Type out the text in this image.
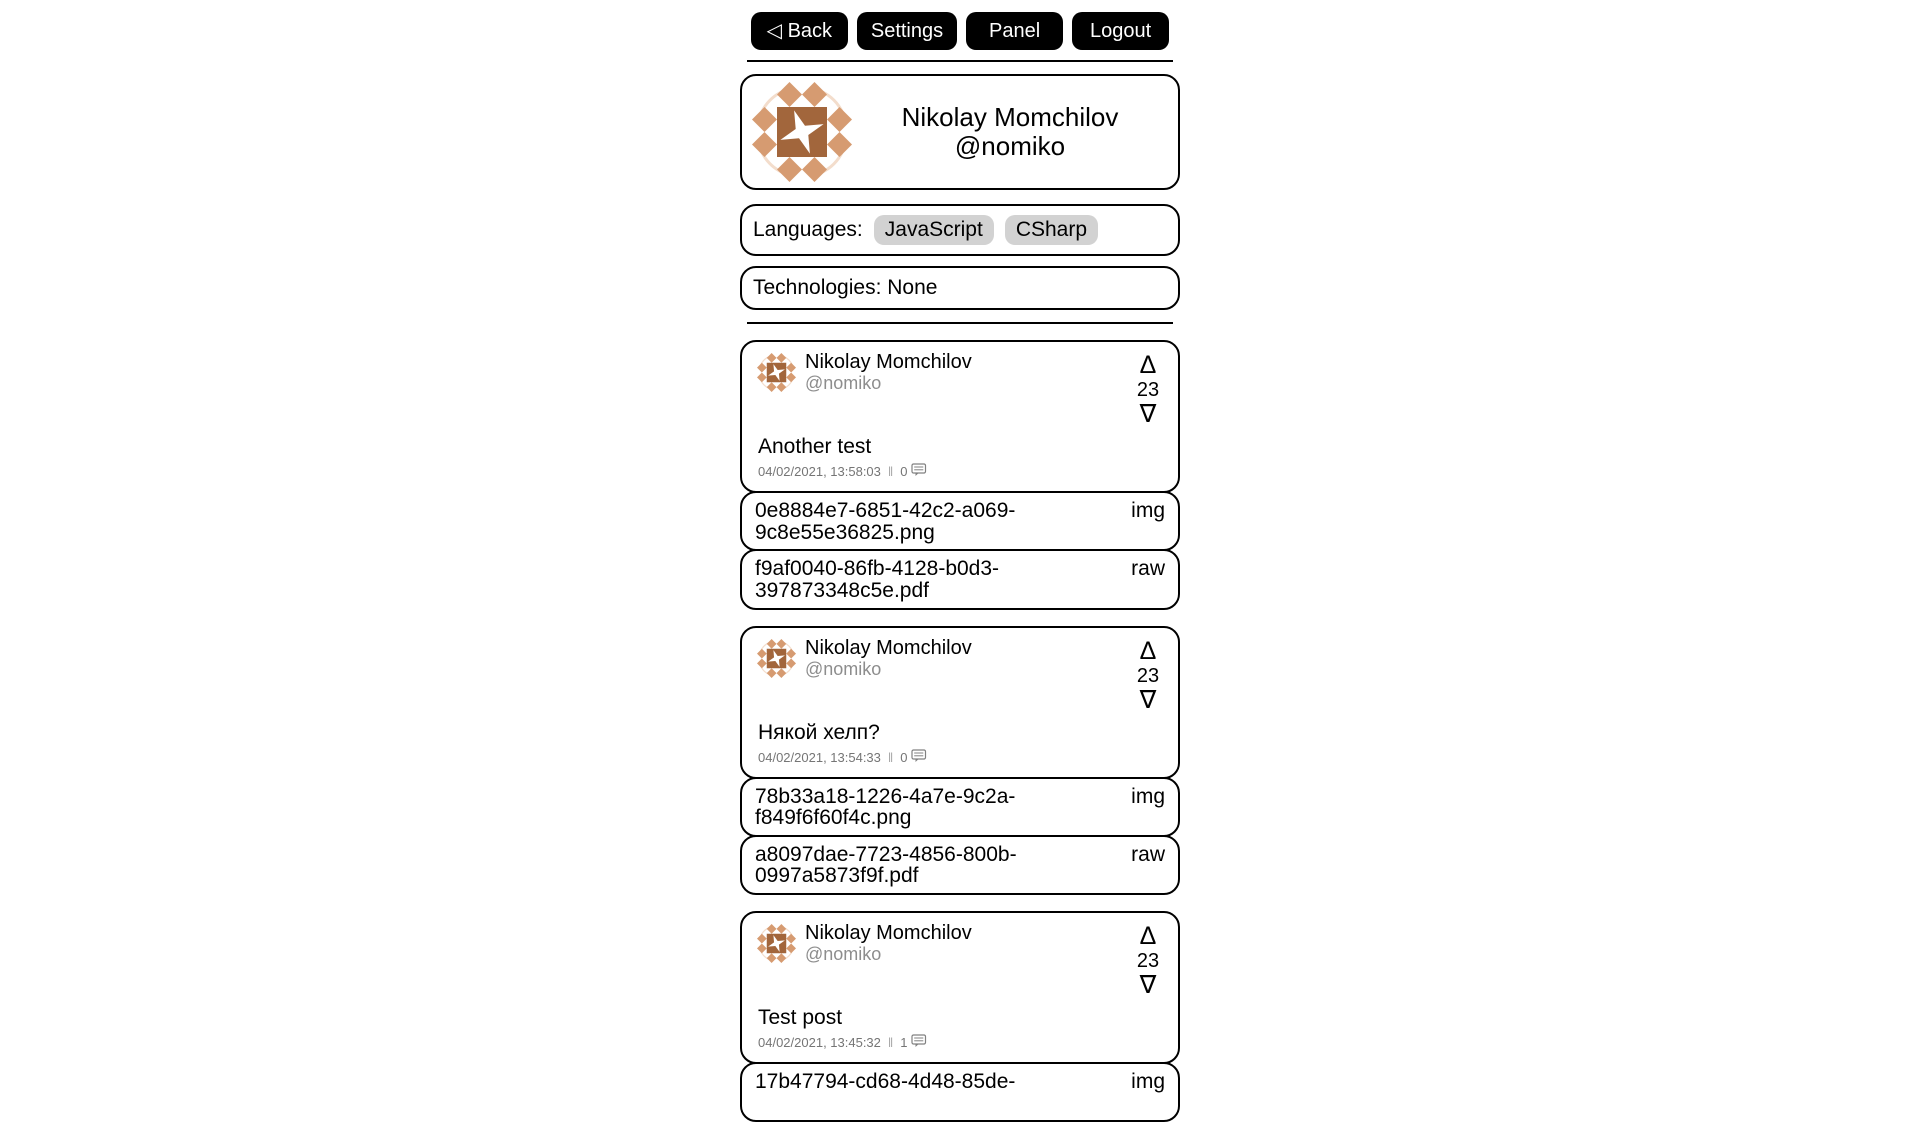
◁ Back	Settings	Panel	Logout
Nikolay Momchilov
@nomiko
Languages:	JavaScript	CSharp
Technologies: None
Nikolay Momchilov
@nomiko
Δ
23
∇
Another test
04/02/2021, 13:58:03 ‖ 0
0e8884e7-6851-42c2-a069-
9c8e55e36825.png
img
f9af0040-86fb-4128-b0d3-
397873348c5e.pdf
raw
Nikolay Momchilov
@nomiko
Δ
23
∇
Някой хелп?
04/02/2021, 13:54:33 ‖ 0
78b33a18-1226-4a7e-9c2a-
f849f6f60f4c.png
img
a8097dae-7723-4856-800b-
0997a5873f9f.pdf
raw
Nikolay Momchilov
@nomiko
Δ
23
∇
Test post
04/02/2021, 13:45:32 ‖ 1
17b47794-cd68-4d48-85de-	img
